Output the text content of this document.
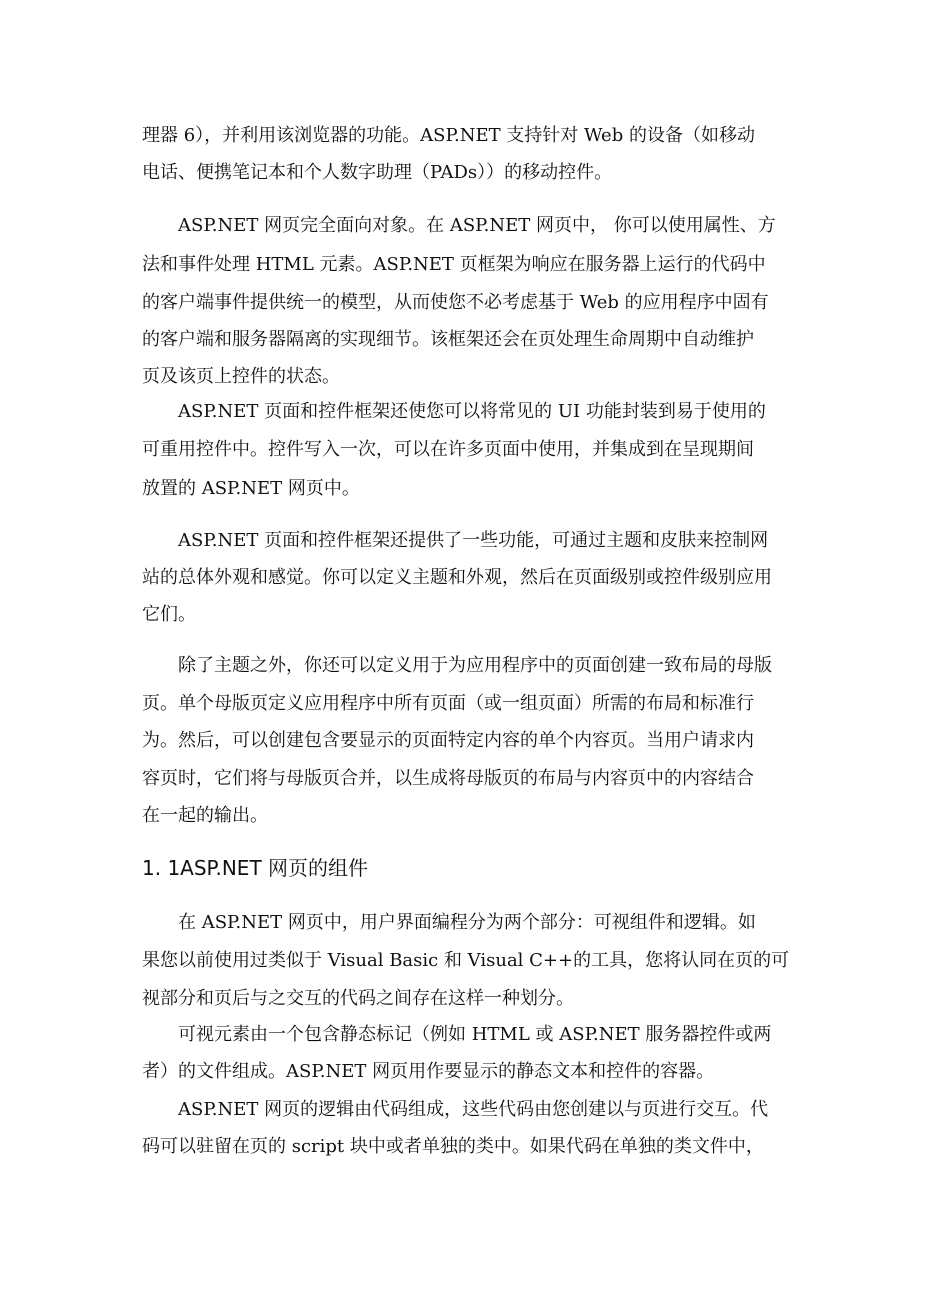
理器 6），并利用该浏览器的功能。ASP.NET 支持针对 Web 的设备（如移动
电话、便携笔记本和个人数字助理（PADs））的移动控件。
ASP.NET 网页完全面向对象。在 ASP.NET 网页中， 你可以使用属性、方
法和事件处理 HTML 元素。ASP.NET 页框架为响应在服务器上运行的代码中
的客户端事件提供统一的模型，从而使您不必考虑基于 Web 的应用程序中固有
的客户端和服务器隔离的实现细节。该框架还会在页处理生命周期中自动维护
页及该页上控件的状态。
ASP.NET 页面和控件框架还使您可以将常见的 UI 功能封装到易于使用的
可重用控件中。控件写入一次，可以在许多页面中使用，并集成到在呈现期间
放置的 ASP.NET 网页中。
ASP.NET 页面和控件框架还提供了一些功能，可通过主题和皮肤来控制网
站的总体外观和感觉。你可以定义主题和外观，然后在页面级别或控件级别应用
它们。
除了主题之外，你还可以定义用于为应用程序中的页面创建一致布局的母版
页。单个母版页定义应用程序中所有页面（或一组页面）所需的布局和标准行
为。然后，可以创建包含要显示的页面特定内容的单个内容页。当用户请求内
容页时，它们将与母版页合并，以生成将母版页的布局与内容页中的内容结合
在一起的输出。
1. 1ASP.NET 网页的组件
在 ASP.NET 网页中，用户界面编程分为两个部分：可视组件和逻辑。如
果您以前使用过类似于 Visual Basic 和 Visual C++的工具，您将认同在页的可
视部分和页后与之交互的代码之间存在这样一种划分。
可视元素由一个包含静态标记（例如 HTML 或 ASP.NET 服务器控件或两
者）的文件组成。ASP.NET 网页用作要显示的静态文本和控件的容器。
ASP.NET 网页的逻辑由代码组成，这些代码由您创建以与页进行交互。代
码可以驻留在页的 script 块中或者单独的类中。如果代码在单独的类文件中，
